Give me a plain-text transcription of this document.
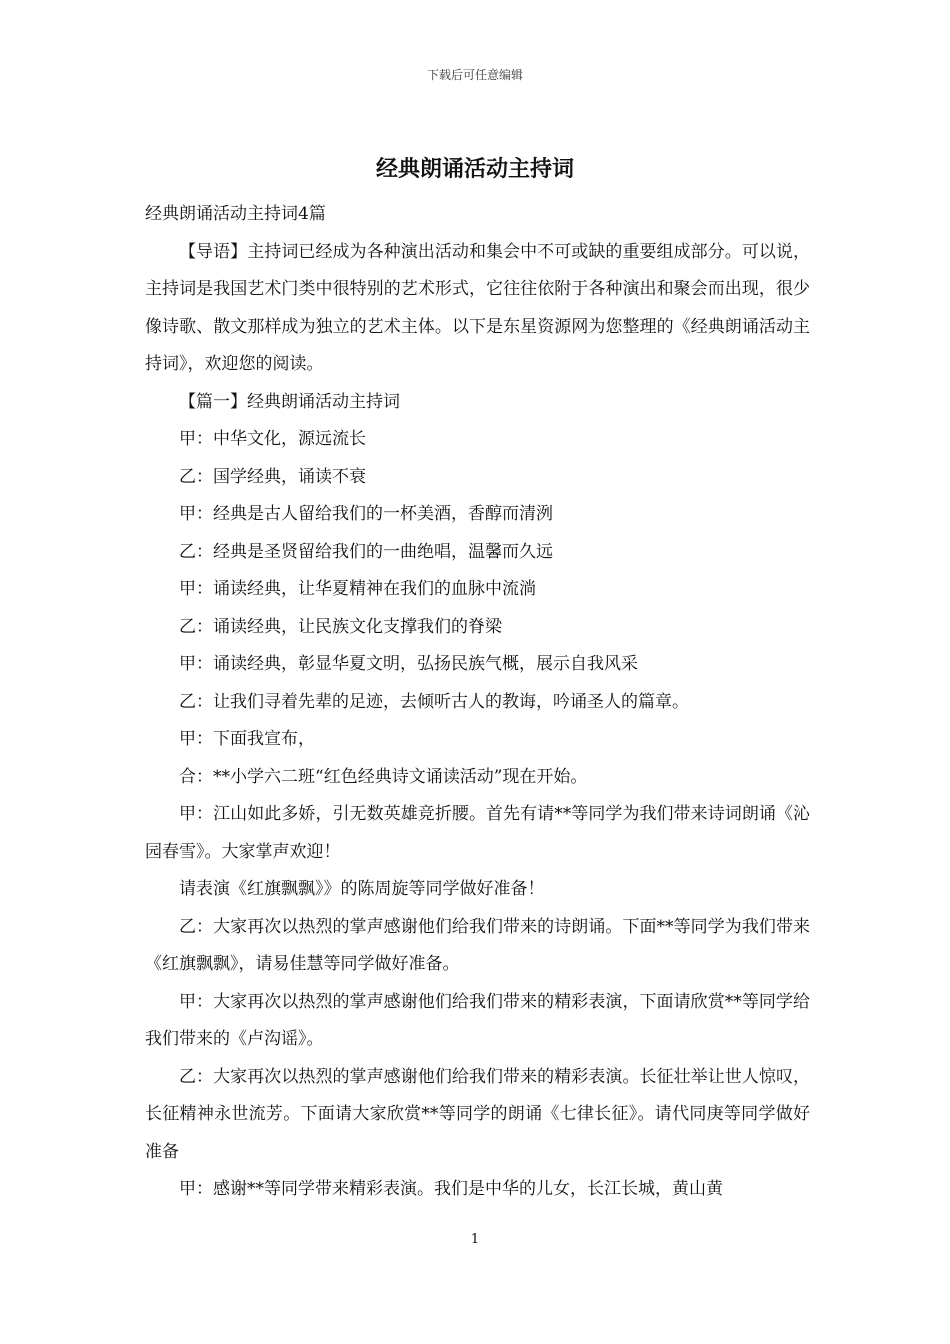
下载后可任意编辑
经典朗诵活动主持词

经典朗诵活动主持词4篇

【导语】主持词已经成为各种演出活动和集会中不可或缺的重要组成部分。可以说，主持词是我国艺术门类中很特别的艺术形式，它往往依附于各种演出和聚会而出现，很少像诗歌、散文那样成为独立的艺术主体。以下是东星资源网为您整理的《经典朗诵活动主持词》，欢迎您的阅读。

【篇一】经典朗诵活动主持词

甲：中华文化，源远流长

乙：国学经典，诵读不衰

甲：经典是古人留给我们的一杯美酒，香醇而清洌

乙：经典是圣贤留给我们的一曲绝唱，温馨而久远

甲：诵读经典，让华夏精神在我们的血脉中流淌

乙：诵读经典，让民族文化支撑我们的脊梁

甲：诵读经典，彰显华夏文明，弘扬民族气概，展示自我风采

乙：让我们寻着先辈的足迹，去倾听古人的教诲，吟诵圣人的篇章。

甲：下面我宣布，

合：**小学六二班“红色经典诗文诵读活动”现在开始。

甲：江山如此多娇，引无数英雄竞折腰。首先有请**等同学为我们带来诗词朗诵《沁园春雪》。大家掌声欢迎！

请表演《红旗飘飘》》的陈周旋等同学做好准备！

乙：大家再次以热烈的掌声感谢他们给我们带来的诗朗诵。下面**等同学为我们带来《红旗飘飘》，请易佳慧等同学做好准备。

甲：大家再次以热烈的掌声感谢他们给我们带来的精彩表演，下面请欣赏**等同学给我们带来的《卢沟谣》。

乙：大家再次以热烈的掌声感谢他们给我们带来的精彩表演。长征壮举让世人惊叹，长征精神永世流芳。下面请大家欣赏**等同学的朗诵《七律长征》。请代同庚等同学做好准备

甲：感谢**等同学带来精彩表演。我们是中华的儿女，长江长城，黄山黄

1
